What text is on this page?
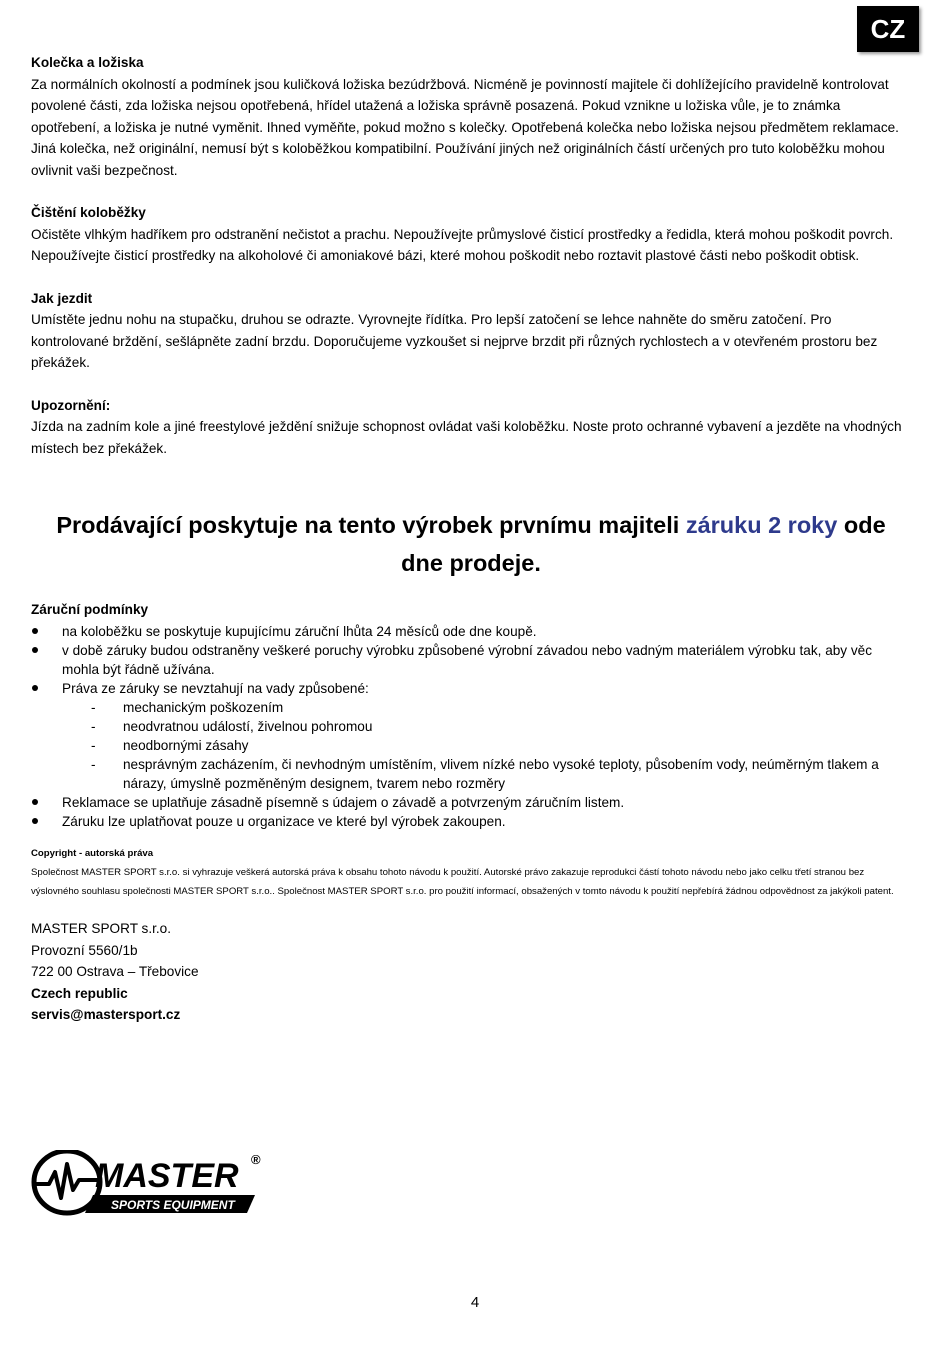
CZ
Kolečka a ložiska

Za normálních okolností a podmínek jsou kuličková ložiska bezúdržbová. Nicméně je povinností majitele či dohlížejícího pravidelně kontrolovat povolené části, zda ložiska nejsou opotřebená, hřídel utažená a ložiska správně posazená. Pokud vznikne u ložiska vůle, je to známka opotřebení, a ložiska je nutné vyměnit. Ihned vyměňte, pokud možno s kolečky. Opotřebená kolečka nebo ložiska nejsou předmětem reklamace. Jiná kolečka, než originální, nemusí být s koloběžkou kompatibilní. Používání jiných než originálních částí určených pro tuto koloběžku mohou ovlivnit vaši bezpečnost.

Čištění koloběžky

Očistěte vlhkým hadříkem pro odstranění nečistot a prachu. Nepoužívejte průmyslové čisticí prostředky a ředidla, která mohou poškodit povrch. Nepoužívejte čisticí prostředky na alkoholové či amoniakové bázi, které mohou poškodit nebo roztavit plastové části nebo poškodit obtisk.

Jak jezdit

Umístěte jednu nohu na stupačku, druhou se odrazte. Vyrovnejte řídítka. Pro lepší zatočení se lehce nahněte do směru zatočení. Pro kontrolované brždění, sešlápněte zadní brzdu. Doporučujeme vyzkoušet si nejprve brzdit při různých rychlostech a v otevřeném prostoru bez překážek.

Upozornění:

Jízda na zadním kole a jiné freestylové ježdění snižuje schopnost ovládat vaši koloběžku. Noste proto ochranné vybavení a jezděte na vhodných místech bez překážek.

Prodávající poskytuje na tento výrobek prvnímu majiteli záruku 2 roky ode dne prodeje.

Záruční podmínky

na koloběžku se poskytuje kupujícímu záruční lhůta 24 měsíců ode dne koupě.
v době záruky budou odstraněny veškeré poruchy výrobku způsobené výrobní závadou nebo vadným materiálem výrobku tak, aby věc mohla být řádně užívána.
Práva ze záruky se nevztahují na vady způsobené:
- mechanickým poškozením
- neodvratnou událostí, živelnou pohromou
- neodbornými zásahy
- nesprávným zacházením, či nevhodným umístěním, vlivem nízké nebo vysoké teploty, působením vody, neúměrným tlakem a nárazy, úmyslně pozměněným designem, tvarem nebo rozměry
Reklamace se uplatňuje zásadně písemně s údajem o závadě a potvrzeným záručním listem.
Záruku lze uplatňovat pouze u organizace ve které byl výrobek zakoupen.
Copyright - autorská práva
Společnost MASTER SPORT s.r.o. si vyhrazuje veškerá autorská práva k obsahu tohoto návodu k použití. Autorské právo zakazuje reprodukci částí tohoto návodu nebo jako celku třetí stranou bez výslovného souhlasu společnosti MASTER SPORT s.r.o.. Společnost MASTER SPORT s.r.o. pro použití informací, obsažených v tomto návodu k použití nepřebírá žádnou odpovědnost za jakýkoli patent.
MASTER SPORT s.r.o.
Provozní 5560/1b
722 00 Ostrava – Třebovice
Czech republic
servis@mastersport.cz
MASTER ®
SPORTS EQUIPMENT
4
